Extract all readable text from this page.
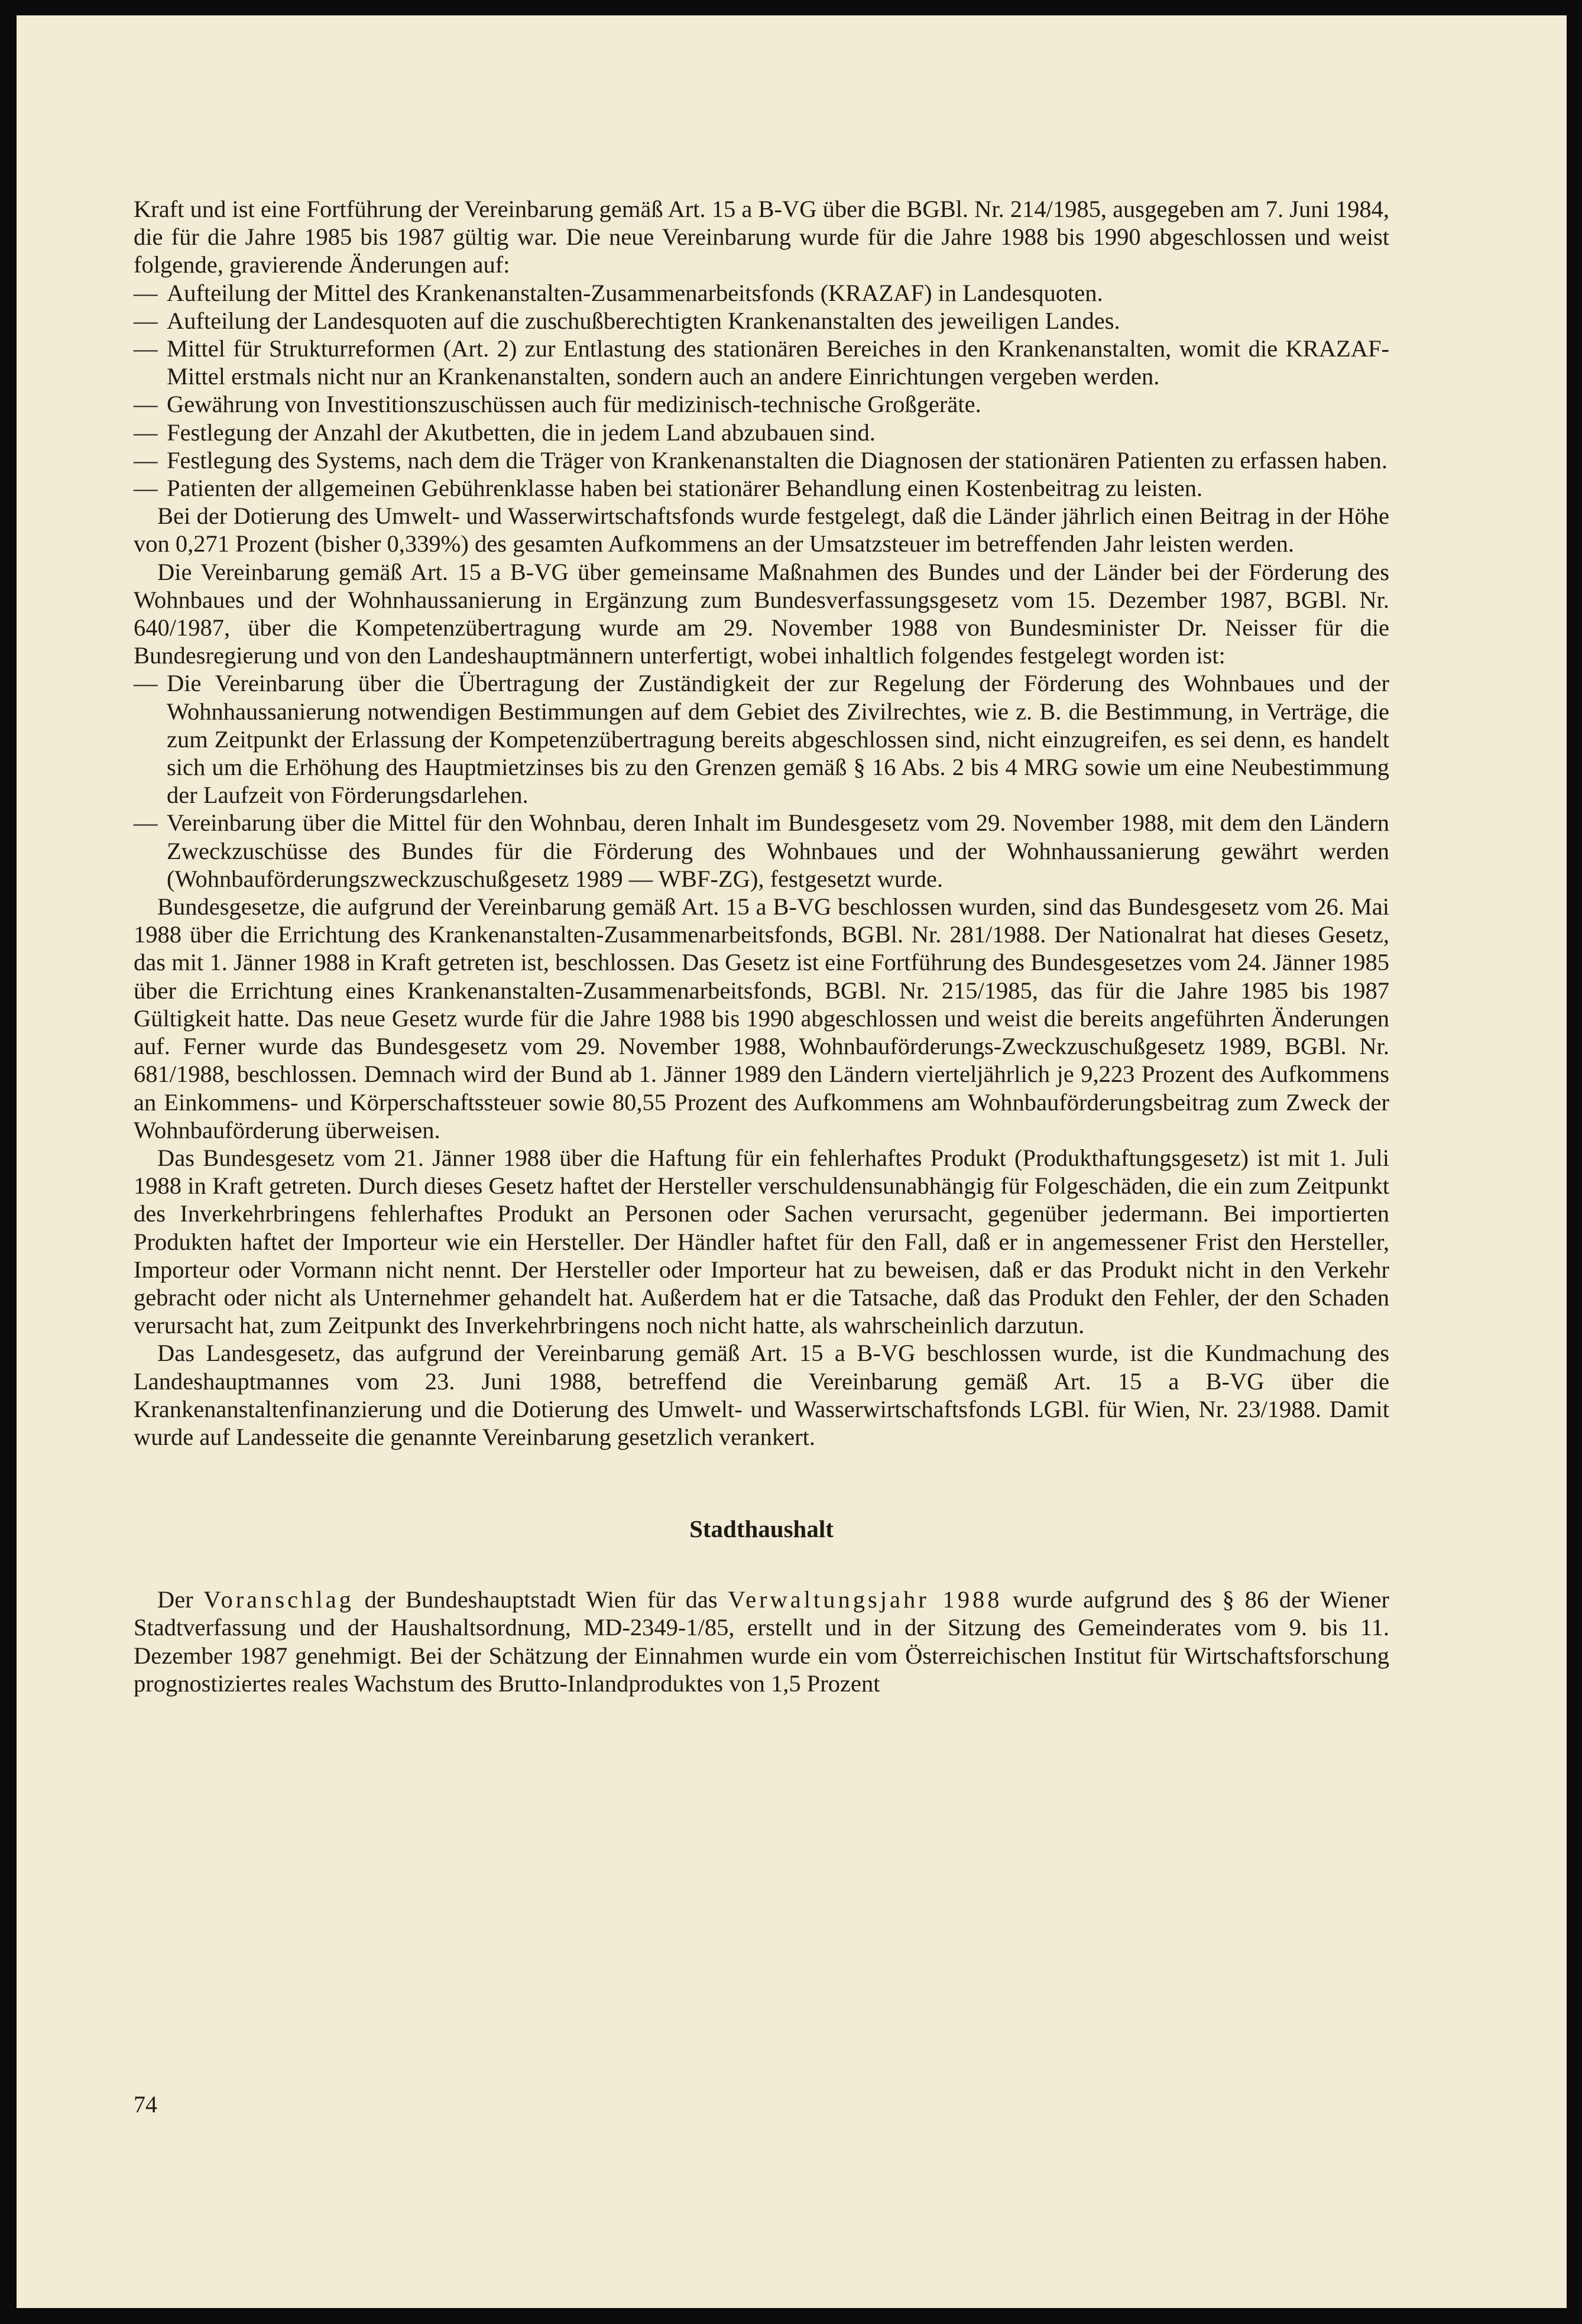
Kraft und ist eine Fortführung der Vereinbarung gemäß Art. 15 a B-VG über die BGBl. Nr. 214/1985, ausgegeben am 7. Juni 1984, die für die Jahre 1985 bis 1987 gültig war. Die neue Vereinbarung wurde für die Jahre 1988 bis 1990 abgeschlossen und weist folgende, gravierende Änderungen auf:

— Aufteilung der Mittel des Krankenanstalten-Zusammenarbeitsfonds (KRAZAF) in Landesquoten.
— Aufteilung der Landesquoten auf die zuschußberechtigten Krankenanstalten des jeweiligen Landes.
— Mittel für Strukturreformen (Art. 2) zur Entlastung des stationären Bereiches in den Krankenanstalten, womit die KRAZAF-Mittel erstmals nicht nur an Krankenanstalten, sondern auch an andere Einrichtungen vergeben werden.
— Gewährung von Investitionszuschüssen auch für medizinisch-technische Großgeräte.
— Festlegung der Anzahl der Akutbetten, die in jedem Land abzubauen sind.
— Festlegung des Systems, nach dem die Träger von Krankenanstalten die Diagnosen der stationären Patienten zu erfassen haben.
— Patienten der allgemeinen Gebührenklasse haben bei stationärer Behandlung einen Kostenbeitrag zu leisten.

Bei der Dotierung des Umwelt- und Wasserwirtschaftsfonds wurde festgelegt, daß die Länder jährlich einen Beitrag in der Höhe von 0,271 Prozent (bisher 0,339%) des gesamten Aufkommens an der Umsatzsteuer im betreffenden Jahr leisten werden.

Die Vereinbarung gemäß Art. 15 a B-VG über gemeinsame Maßnahmen des Bundes und der Länder bei der Förderung des Wohnbaues und der Wohnhaussanierung in Ergänzung zum Bundesverfassungsgesetz vom 15. Dezember 1987, BGBl. Nr. 640/1987, über die Kompetenzübertragung wurde am 29. November 1988 von Bundesminister Dr. Neisser für die Bundesregierung und von den Landeshauptmännern unterfertigt, wobei inhaltlich folgendes festgelegt worden ist:

— Die Vereinbarung über die Übertragung der Zuständigkeit der zur Regelung der Förderung des Wohnbaues und der Wohnhaussanierung notwendigen Bestimmungen auf dem Gebiet des Zivilrechtes, wie z. B. die Bestimmung, in Verträge, die zum Zeitpunkt der Erlassung der Kompetenzübertragung bereits abgeschlossen sind, nicht einzugreifen, es sei denn, es handelt sich um die Erhöhung des Hauptmietzinses bis zu den Grenzen gemäß § 16 Abs. 2 bis 4 MRG sowie um eine Neubestimmung der Laufzeit von Förderungsdarlehen.
— Vereinbarung über die Mittel für den Wohnbau, deren Inhalt im Bundesgesetz vom 29. November 1988, mit dem den Ländern Zweckzuschüsse des Bundes für die Förderung des Wohnbaues und der Wohnhaussanierung gewährt werden (Wohnbauförderungszweckzuschußgesetz 1989 — WBF-ZG), festgesetzt wurde.

Bundesgesetze, die aufgrund der Vereinbarung gemäß Art. 15 a B-VG beschlossen wurden, sind das Bundesgesetz vom 26. Mai 1988 über die Errichtung des Krankenanstalten-Zusammenarbeitsfonds, BGBl. Nr. 281/1988. Der Nationalrat hat dieses Gesetz, das mit 1. Jänner 1988 in Kraft getreten ist, beschlossen. Das Gesetz ist eine Fortführung des Bundesgesetzes vom 24. Jänner 1985 über die Errichtung eines Krankenanstalten-Zusammenarbeitsfonds, BGBl. Nr. 215/1985, das für die Jahre 1985 bis 1987 Gültigkeit hatte. Das neue Gesetz wurde für die Jahre 1988 bis 1990 abgeschlossen und weist die bereits angeführten Änderungen auf. Ferner wurde das Bundesgesetz vom 29. November 1988, Wohnbauförderungs-Zweckzuschußgesetz 1989, BGBl. Nr. 681/1988, beschlossen. Demnach wird der Bund ab 1. Jänner 1989 den Ländern vierteljährlich je 9,223 Prozent des Aufkommens an Einkommens- und Körperschaftssteuer sowie 80,55 Prozent des Aufkommens am Wohnbauförderungsbeitrag zum Zweck der Wohnbauförderung überweisen.

Das Bundesgesetz vom 21. Jänner 1988 über die Haftung für ein fehlerhaftes Produkt (Produkthaftungsgesetz) ist mit 1. Juli 1988 in Kraft getreten. Durch dieses Gesetz haftet der Hersteller verschuldensunabhängig für Folgeschäden, die ein zum Zeitpunkt des Inverkehrbringens fehlerhaftes Produkt an Personen oder Sachen verursacht, gegenüber jedermann. Bei importierten Produkten haftet der Importeur wie ein Hersteller. Der Händler haftet für den Fall, daß er in angemessener Frist den Hersteller, Importeur oder Vormann nicht nennt. Der Hersteller oder Importeur hat zu beweisen, daß er das Produkt nicht in den Verkehr gebracht oder nicht als Unternehmer gehandelt hat. Außerdem hat er die Tatsache, daß das Produkt den Fehler, der den Schaden verursacht hat, zum Zeitpunkt des Inverkehrbringens noch nicht hatte, als wahrscheinlich darzutun.

Das Landesgesetz, das aufgrund der Vereinbarung gemäß Art. 15 a B-VG beschlossen wurde, ist die Kundmachung des Landeshauptmannes vom 23. Juni 1988, betreffend die Vereinbarung gemäß Art. 15 a B-VG über die Krankenanstaltenfinanzierung und die Dotierung des Umwelt- und Wasserwirtschaftsfonds LGBl. für Wien, Nr. 23/1988. Damit wurde auf Landesseite die genannte Vereinbarung gesetzlich verankert.

Stadthaushalt

Der Voranschlag der Bundeshauptstadt Wien für das Verwaltungsjahr 1988 wurde aufgrund des § 86 der Wiener Stadtverfassung und der Haushaltsordnung, MD-2349-1/85, erstellt und in der Sitzung des Gemeinderates vom 9. bis 11. Dezember 1987 genehmigt. Bei der Schätzung der Einnahmen wurde ein vom Österreichischen Institut für Wirtschaftsforschung prognostiziertes reales Wachstum des Brutto-Inlandproduktes von 1,5 Prozent

74
